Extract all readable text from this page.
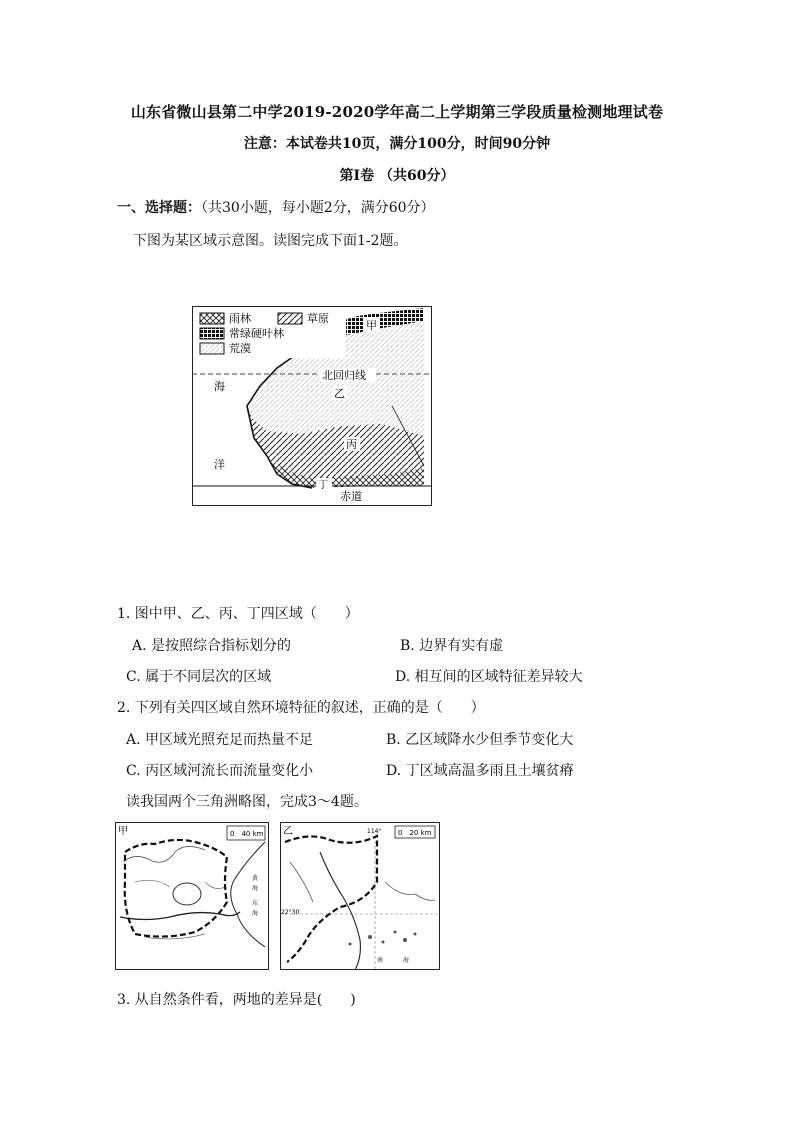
山东省微山县第二中学2019-2020学年高二上学期第三学段质量检测地理试卷
注意：本试卷共10页，满分100分，时间90分钟
第I卷 （共60分）
一、选择题：（共30小题，每小题2分，满分60分）
下图为某区域示意图。读图完成下面1-2题。
雨林	草原
常绿硬叶林
荒漠
甲
北回归线
乙
丙
丁
海
洋
赤道
1. 图中甲、乙、丙、丁四区域（　　）
A. 是按照综合指标划分的	B. 边界有实有虚
C. 属于不同层次的区域	D. 相互间的区域特征差异较大
2. 下列有关四区域自然环境特征的叙述，正确的是（　　）
A. 甲区域光照充足而热量不足	B. 乙区域降水少但季节变化大
C. 丙区域河流长而流量变化小	D. 丁区域高温多雨且土壤贫瘠
读我国两个三角洲略图，完成3～4题。
甲	0　40 km
黄
海
东
海
乙	114° 0　20 km
22°30′
南	海
3. 从自然条件看，两地的差异是(　　)
